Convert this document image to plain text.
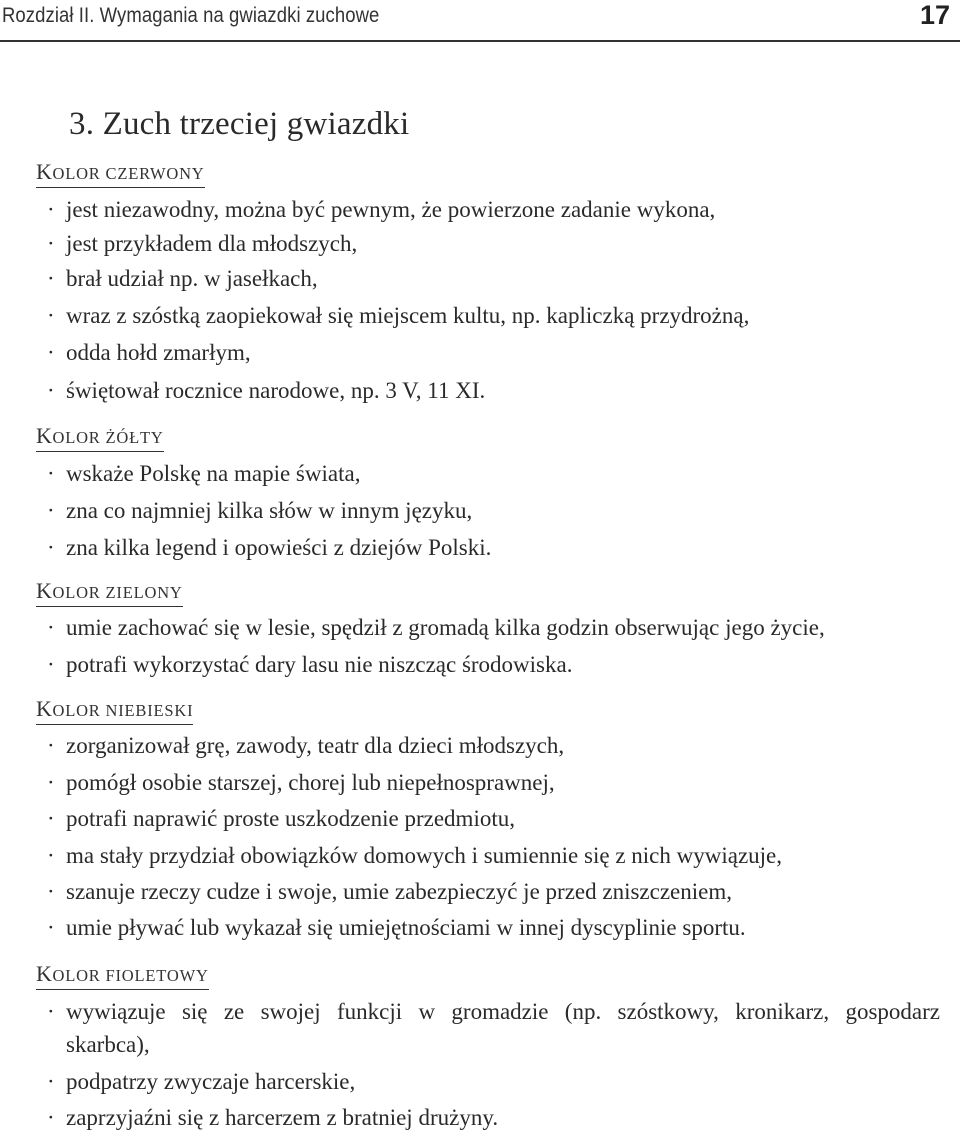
Rozdział II. Wymagania na gwiazdki zuchowe	17
3. Zuch trzeciej gwiazdki
KOLOR CZERWONY
· jest niezawodny, można być pewnym, że powierzone zadanie wykona,
· jest przykładem dla młodszych,
· brał udział np. w jasełkach,
· wraz z szóstką zaopiekował się miejscem kultu, np. kapliczką przydrożną,
· odda hołd zmarłym,
· świętował rocznice narodowe, np. 3 V, 11 XI.
KOLOR ŻÓŁTY
· wskaże Polskę na mapie świata,
· zna co najmniej kilka słów w innym języku,
· zna kilka legend i opowieści z dziejów Polski.
KOLOR ZIELONY
· umie zachować się w lesie, spędził z gromadą kilka godzin obserwując jego życie,
· potrafi wykorzystać dary lasu nie niszcząc środowiska.
KOLOR NIEBIESKI
· zorganizował grę, zawody, teatr dla dzieci młodszych,
· pomógł osobie starszej, chorej lub niepełnosprawnej,
· potrafi naprawić proste uszkodzenie przedmiotu,
· ma stały przydział obowiązków domowych i sumiennie się z nich wywiązuje,
· szanuje rzeczy cudze i swoje, umie zabezpieczyć je przed zniszczeniem,
· umie pływać lub wykazał się umiejętnościami w innej dyscyplinie sportu.
KOLOR FIOLETOWY
· wywiązuje się ze swojej funkcji w gromadzie (np. szóstkowy, kronikarz, gospodarz
skarbca),
· podpatrzy zwyczaje harcerskie,
· zaprzyjaźni się z harcerzem z bratniej drużyny.
